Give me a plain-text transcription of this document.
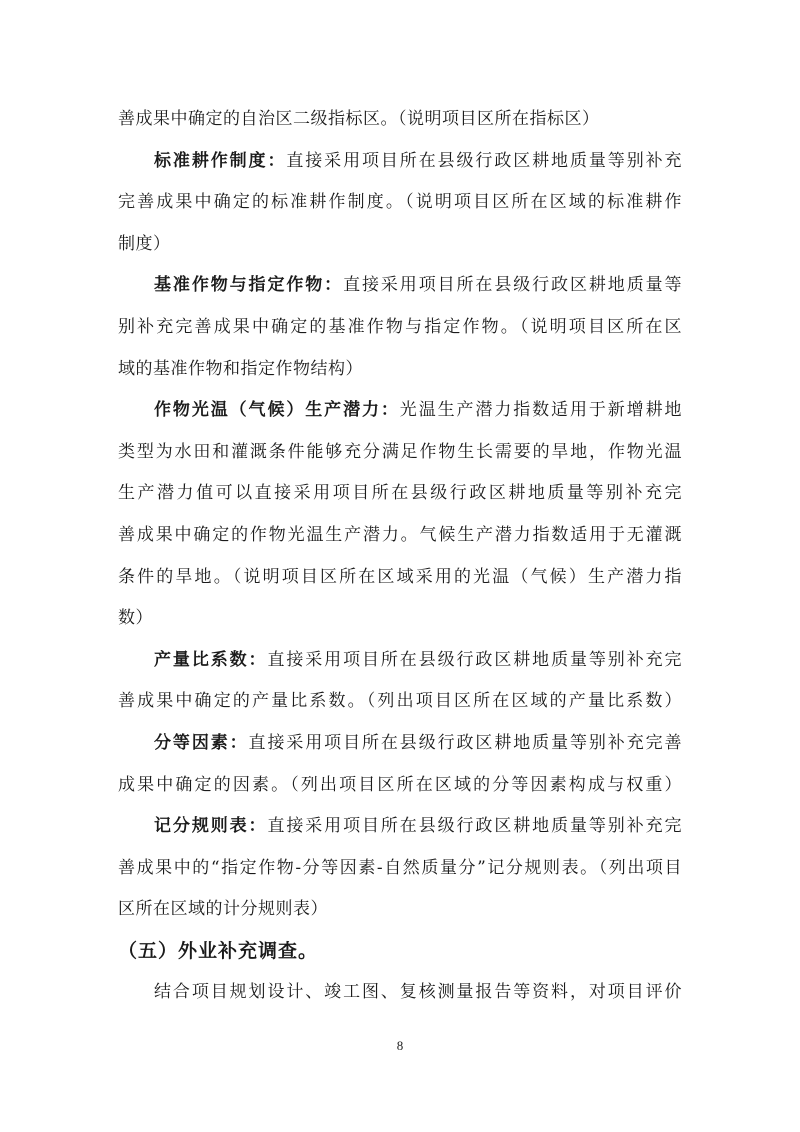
善成果中确定的自治区二级指标区。（说明项目区所在指标区）
标准耕作制度：直接采用项目所在县级行政区耕地质量等别补充
完善成果中确定的标准耕作制度。（说明项目区所在区域的标准耕作
制度）
基准作物与指定作物：直接采用项目所在县级行政区耕地质量等
别补充完善成果中确定的基准作物与指定作物。（说明项目区所在区
域的基准作物和指定作物结构）
作物光温（气候）生产潜力：光温生产潜力指数适用于新增耕地
类型为水田和灌溉条件能够充分满足作物生长需要的旱地，作物光温
生产潜力值可以直接采用项目所在县级行政区耕地质量等别补充完
善成果中确定的作物光温生产潜力。气候生产潜力指数适用于无灌溉
条件的旱地。（说明项目区所在区域采用的光温（气候）生产潜力指
数）
产量比系数：直接采用项目所在县级行政区耕地质量等别补充完
善成果中确定的产量比系数。（列出项目区所在区域的产量比系数）
分等因素：直接采用项目所在县级行政区耕地质量等别补充完善
成果中确定的因素。（列出项目区所在区域的分等因素构成与权重）
记分规则表：直接采用项目所在县级行政区耕地质量等别补充完
善成果中的“指定作物-分等因素-自然质量分”记分规则表。（列出项目
区所在区域的计分规则表）
（五）外业补充调查。
结合项目规划设计、竣工图、复核测量报告等资料，对项目评价
8
